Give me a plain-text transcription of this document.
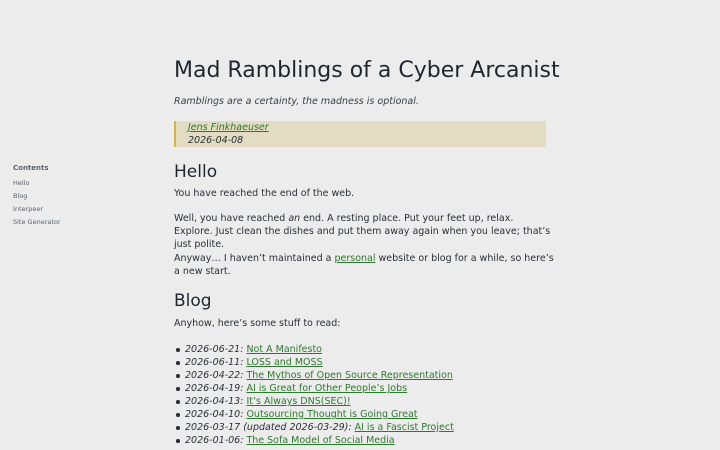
Contents
Hello
Blog
Interpeer
Site Generator
Mad Ramblings of a Cyber Arcanist

Ramblings are a certainty, the madness is optional.

Jens Finkhaeuser
2026-04-08
Hello

You have reached the end of the web.

Well, you have reached an end. A resting place. Put your feet up, relax. Explore. Just clean the dishes and put them away again when you leave; that’s just polite.

Anyway… I haven’t maintained a personal website or blog for a while, so here’s a new start.

Blog

Anyhow, here’s some stuff to read:

2026-06-21: Not A Manifesto
2026-06-11: LOSS and MOSS
2026-04-22: The Mythos of Open Source Representation
2026-04-19: AI is Great for Other People’s Jobs
2026-04-13: It’s Always DNS(SEC)!
2026-04-10: Outsourcing Thought is Going Great
2026-03-17 (updated 2026-03-29): AI is a Fascist Project
2026-01-06: The Sofa Model of Social Media
